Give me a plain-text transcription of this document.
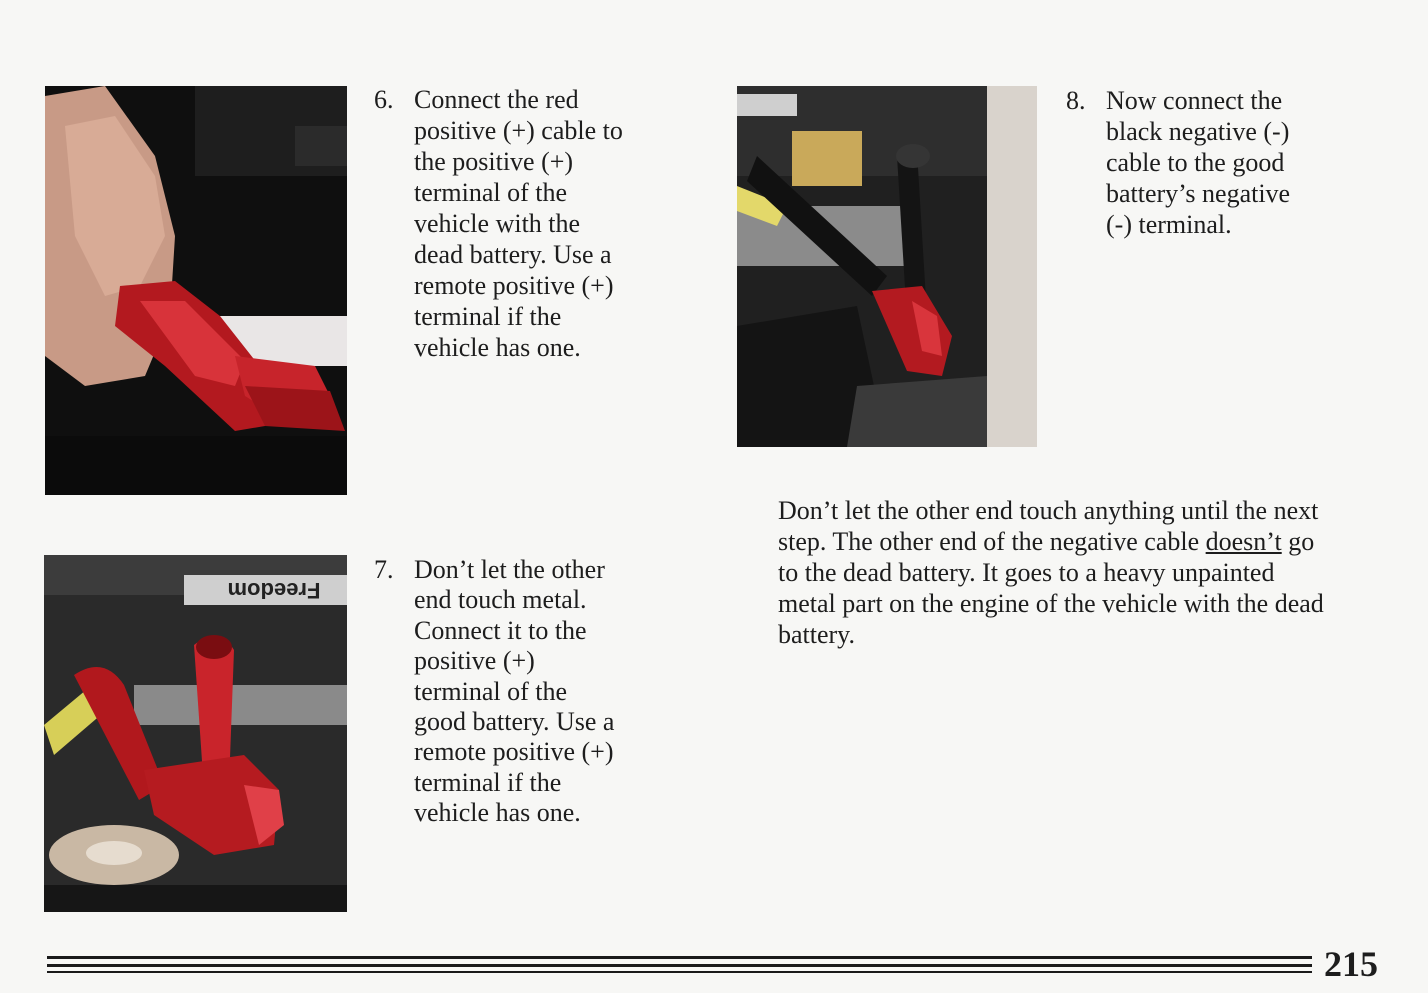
6. Connect the red
positive (+) cable to
the positive (+)
terminal of the
vehicle with the
dead battery. Use a
remote positive (+)
terminal if the
vehicle has one.
Freedom
7. Don’t let the other
end touch metal.
Connect it to the
positive (+)
terminal of the
good battery. Use a
remote positive (+)
terminal if the
vehicle has one.
8. Now connect the
black negative (-)
cable to the good
battery’s negative
(-) terminal.
Don’t let the other end touch anything until the next
step. The other end of the negative cable doesn’t go
to the dead battery. It goes to a heavy unpainted
metal part on the engine of the vehicle with the dead
battery.
215
